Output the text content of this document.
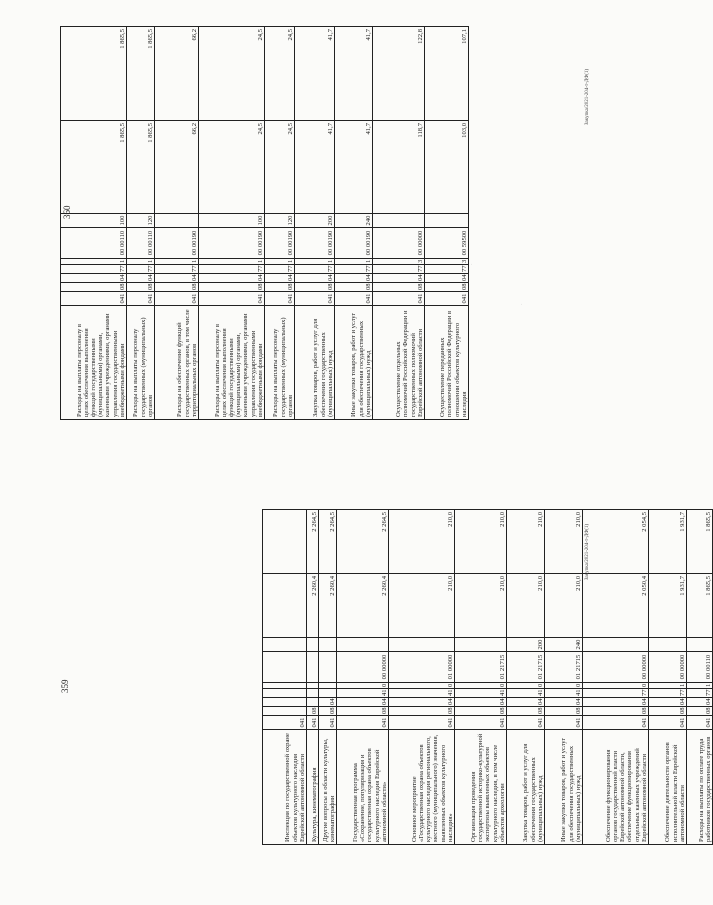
359
Инспекция по государственной охране объектов культурного наследия Еврейской автономной области	041								
Культура, кинематография	041	08						2 260,4	2 264,5
Другие вопросы в области культуры, кинематографии	041	08	04					2 260,4	2 264,5
Государственная программа «Сохранение, популяризация и государственная охрана объектов культурного наследия Еврейской автономной области»	041	08	04	41	0	00 00000		2 260,4	2 264,5
Основное мероприятие «Государственная охрана объектов культурного наследия регионального, местного (муниципального) значения, выявленных объектов культурного наследия»	041	08	04	41	0	01 00000		210,0	210,0
Организация проведения государственной историко-культурной экспертизы выявленных объектов культурного наследия, в том числе объектов археологии	041	08	04	41	0	01 21715		210,0	210,0
Закупка товаров, работ и услуг для обеспечения государственных (муниципальных) нужд	041	08	04	41	0	01 21715	200	210,0	210,0
Иные закупки товаров, работ и услуг для обеспечения государственных (муниципальных) нужд	041	08	04	41	0	01 21715	240	210,0	210,0
Обеспечение функционирования органов государственной власти Еврейской автономной области, обеспечение функционирования отдельных казенных учреждений Еврейской автономной области	041	08	04	77	0	00 00000		2 050,4	2 054,5
Обеспечение деятельности органов исполнительной власти Еврейской автономной области	041	08	04	77	1	00 00000		1 931,7	1 931,7
Расходы на выплаты по оплате труда работников государственных органов	041	08	04	77	1	00 00110		1 865,5	1 865,5
Закупка/2021-204-т-ДФ(1)
360
Расходы на выплаты персоналу в целях обеспечения выполнения функций государственными (муниципальными) органами, казенными учреждениями, органами управления государственными внебюджетными фондами	041	08	04	77	1	00 00110	100	1 865,5	1 865,5
Расходы на выплаты персоналу государственных (муниципальных) органов	041	08	04	77	1	00 00110	120	1 865,5	1 865,5
Расходы на обеспечение функций государственных органов, в том числе территориальных органов	041	08	04	77	1	00 00190		66,2	66,2
Расходы на выплаты персоналу в целях обеспечения выполнения функций государственными (муниципальными) органами, казенными учреждениями, органами управления государственными внебюджетными фондами	041	08	04	77	1	00 00190	100	24,5	24,5
Расходы на выплаты персоналу государственных (муниципальных) органов	041	08	04	77	1	00 00190	120	24,5	24,5
Закупка товаров, работ и услуг для обеспечения государственных (муниципальных) нужд	041	08	04	77	1	00 00190	200	41,7	41,7
Иные закупки товаров, работ и услуг для обеспечения государственных (муниципальных) нужд	041	08	04	77	1	00 00190	240	41,7	41,7
Осуществление отдельных полномочий Российской Федерации и государственных полномочий Еврейской автономной области	041	08	04	77	3	00 00000		118,7	122,8
Осуществление переданных полномочий Российской Федерации в отношении объектов культурного наследия	041	08	04	77	3	00 59500		103,0	107,1
Закупка/2021-204-т-ДФ(1)
·
·
